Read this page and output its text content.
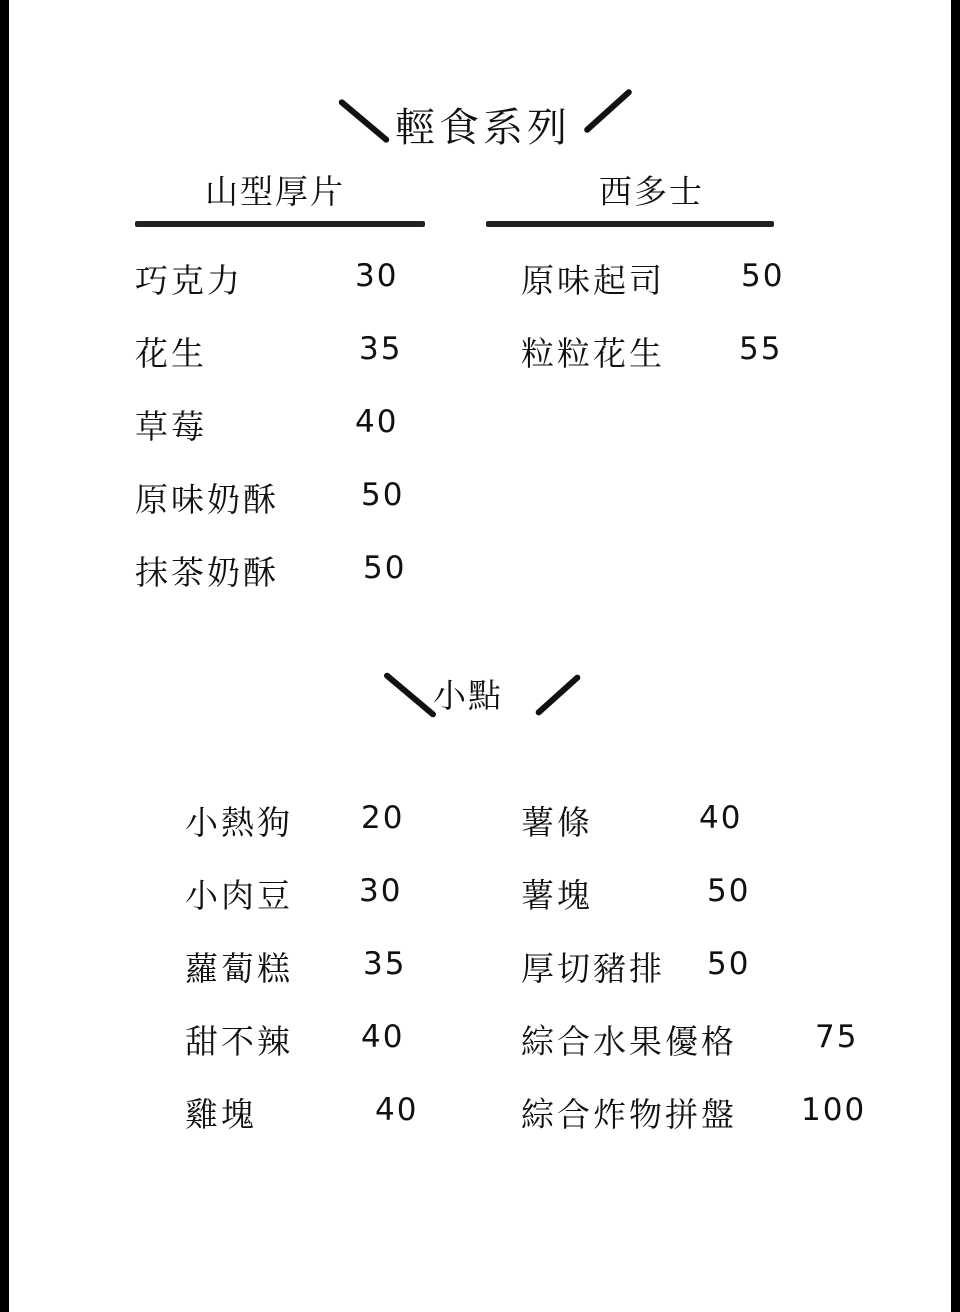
輕食系列
山型厚片	西多士
巧克力	30
花生	35
草莓	40
原味奶酥	50
抹茶奶酥	50
原味起司 50
粒粒花生 55
小點
小熱狗 20
小肉豆 30
蘿蔔糕 35
甜不辣 40
雞塊	40
薯條	40
薯塊	50
厚切豬排 50
綜合水果優格	75
綜合炸物拼盤 100
